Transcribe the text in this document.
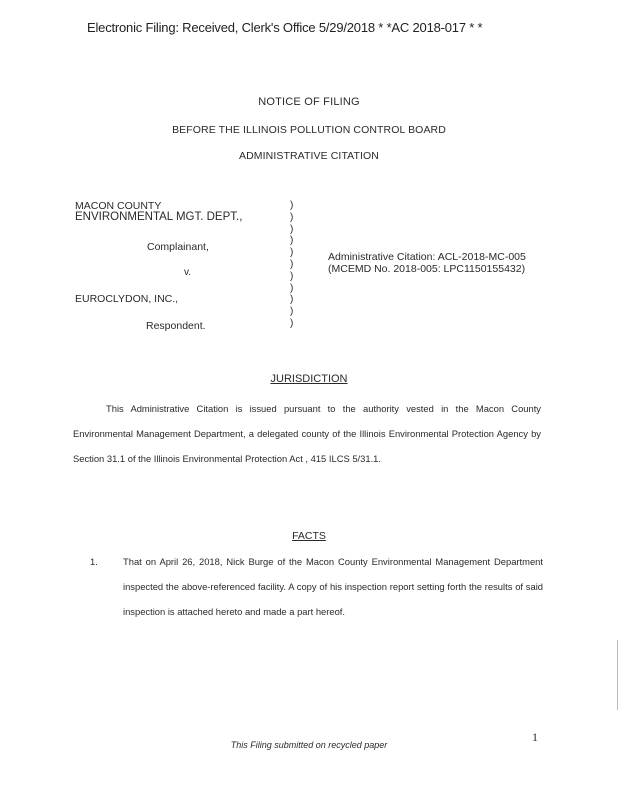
Electronic Filing: Received, Clerk's Office 5/29/2018 * *AC 2018-017 * *
NOTICE OF FILING
BEFORE THE ILLINOIS POLLUTION CONTROL BOARD
ADMINISTRATIVE CITATION
MACON COUNTY
ENVIRONMENTAL MGT. DEPT.,
Complainant,
v.
EUROCLYDON, INC.,
Respondent.
)
)
)
)
)
)
)
)
)
)
)
Administrative Citation: ACL-2018-MC-005
(MCEMD No. 2018-005: LPC1150155432)
JURISDICTION
This Administrative Citation is issued pursuant to the authority vested in the Macon County Environmental Management Department, a delegated county of the Illinois Environmental Protection Agency by Section 31.1 of the Illinois Environmental Protection Act , 415 ILCS 5/31.1.
FACTS
1.	That on April 26, 2018, Nick Burge of the Macon County Environmental Management Department inspected the above-referenced facility. A copy of his inspection report setting forth the results of said inspection is attached hereto and made a part hereof.
1
This Filing submitted on recycled paper
